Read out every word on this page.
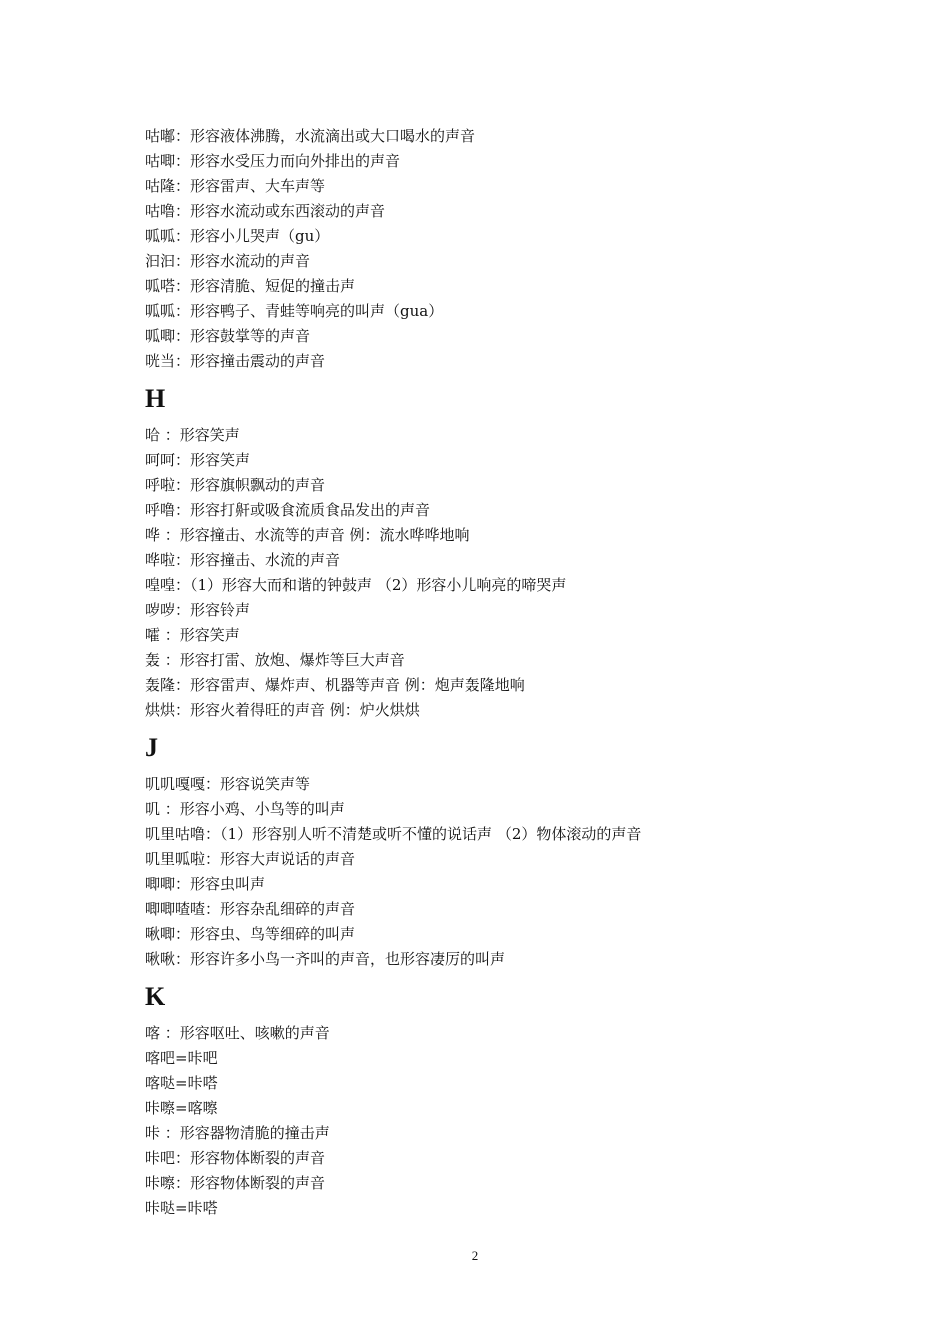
咕嘟：形容液体沸腾，水流滴出或大口喝水的声音
咕唧：形容水受压力而向外排出的声音
咕隆：形容雷声、大车声等
咕噜：形容水流动或东西滚动的声音
呱呱：形容小儿哭声（gu）
汩汩：形容水流动的声音
呱嗒：形容清脆、短促的撞击声
呱呱：形容鸭子、青蛙等响亮的叫声（gua）
呱唧：形容鼓掌等的声音
咣当：形容撞击震动的声音
H
哈 ：形容笑声
呵呵：形容笑声
呼啦：形容旗帜飘动的声音
呼噜：形容打鼾或吸食流质食品发出的声音
哗 ：形容撞击、水流等的声音 例：流水哗哗地响
哗啦：形容撞击、水流的声音
喤喤：（1）形容大而和谐的钟鼓声 （2）形容小儿响亮的啼哭声
哕哕：形容铃声
嚯 ：形容笑声
轰 ：形容打雷、放炮、爆炸等巨大声音
轰隆：形容雷声、爆炸声、机器等声音 例：炮声轰隆地响
烘烘：形容火着得旺的声音 例：炉火烘烘
J
叽叽嘎嘎：形容说笑声等
叽 ：形容小鸡、小鸟等的叫声
叽里咕噜：（1）形容别人听不清楚或听不懂的说话声 （2）物体滚动的声音
叽里呱啦：形容大声说话的声音
唧唧：形容虫叫声
唧唧喳喳：形容杂乱细碎的声音
啾唧：形容虫、鸟等细碎的叫声
啾啾：形容许多小鸟一齐叫的声音，也形容凄厉的叫声
K
喀 ：形容呕吐、咳嗽的声音
喀吧=咔吧
喀哒=咔嗒
咔嚓=喀嚓
咔 ：形容器物清脆的撞击声
咔吧：形容物体断裂的声音
咔嚓：形容物体断裂的声音
咔哒=咔嗒
2
